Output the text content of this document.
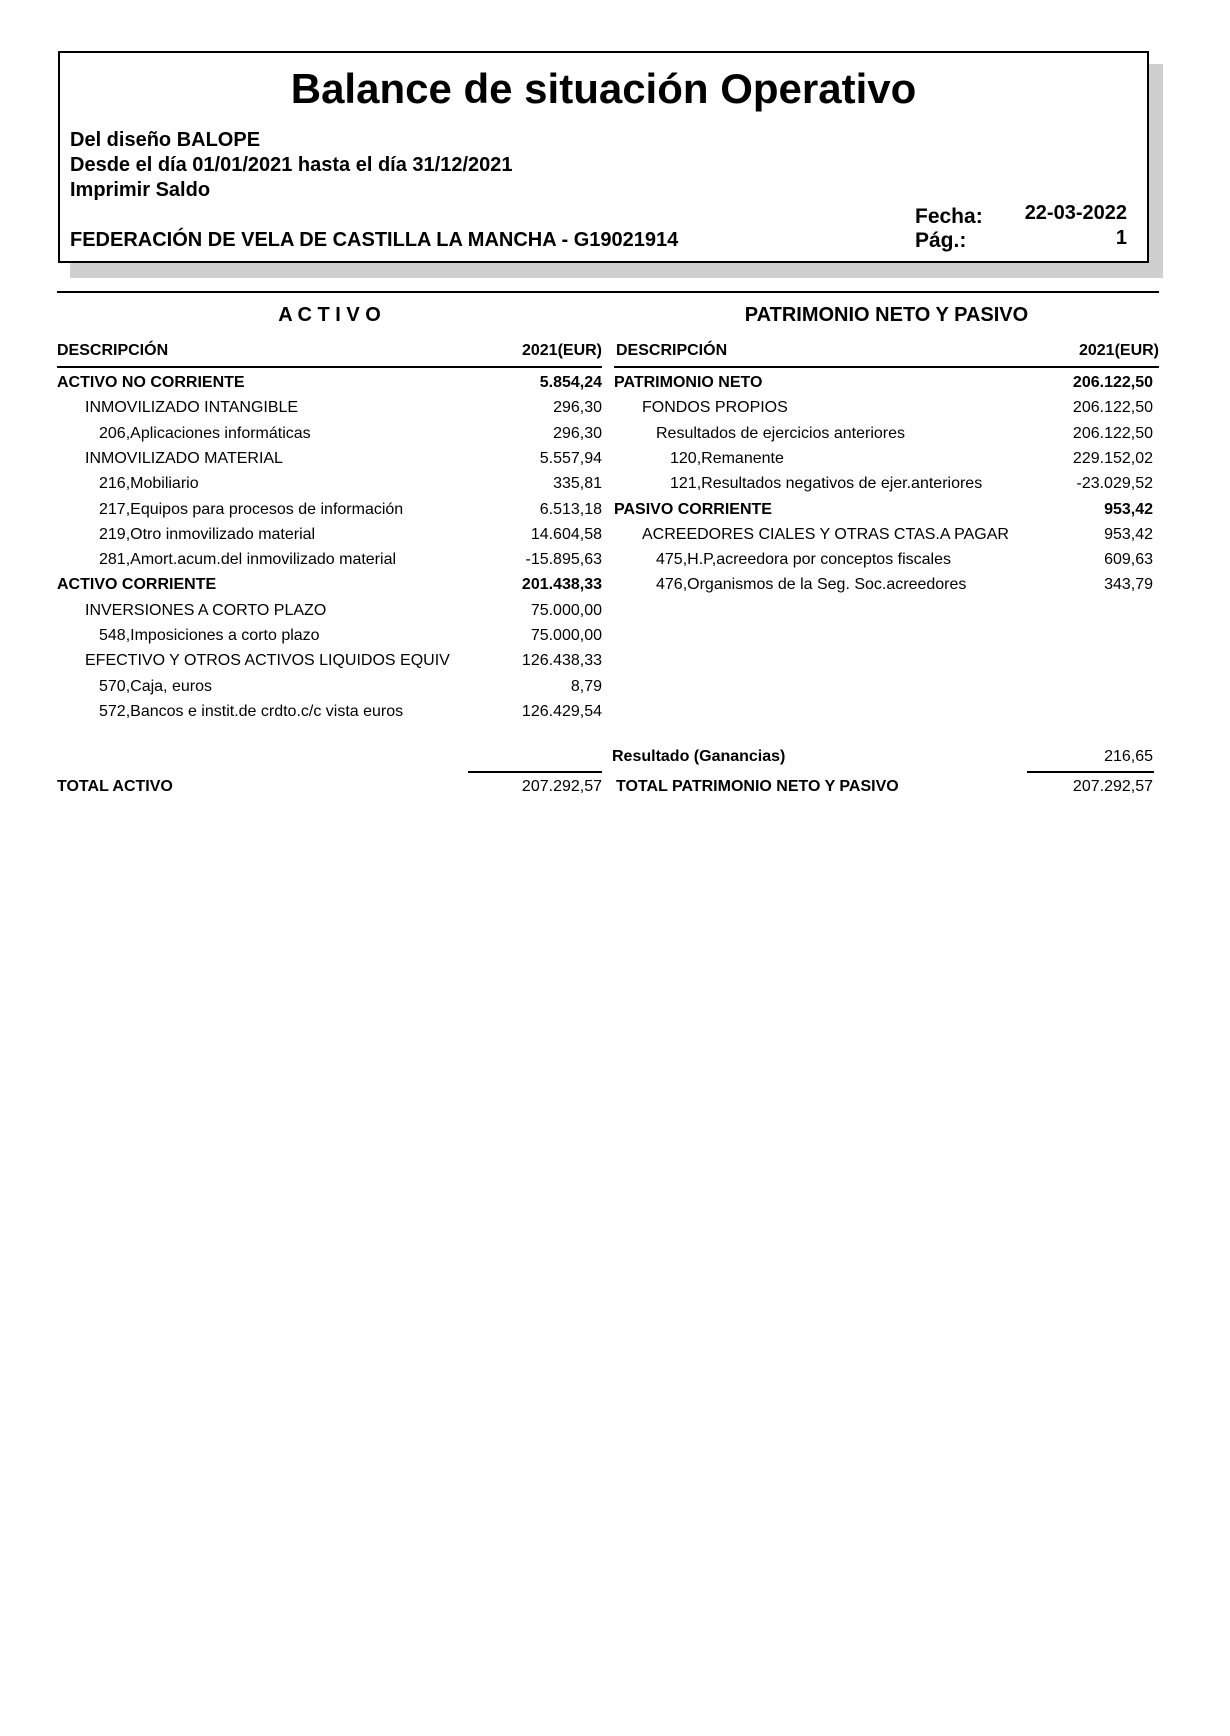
Balance de situación Operativo
Del diseño BALOPE
Desde el día 01/01/2021 hasta el día 31/12/2021
Imprimir Saldo
FEDERACIÓN DE VELA DE CASTILLA LA MANCHA - G19021914
Fecha: 22-03-2022
Pág.:	1
A C T I V O
DESCRIPCIÓN	2021(EUR)
PATRIMONIO NETO Y PASIVO
DESCRIPCIÓN	2021(EUR)
ACTIVO NO CORRIENTE	5.854,24
INMOVILIZADO INTANGIBLE	296,30
206,Aplicaciones informáticas	296,30
INMOVILIZADO MATERIAL	5.557,94
216,Mobiliario	335,81
217,Equipos para procesos de información	6.513,18
219,Otro inmovilizado material	14.604,58
281,Amort.acum.del inmovilizado material	-15.895,63
ACTIVO CORRIENTE	201.438,33
INVERSIONES A CORTO PLAZO	75.000,00
548,Imposiciones a corto plazo	75.000,00
EFECTIVO Y OTROS ACTIVOS LIQUIDOS EQUIV	126.438,33
570,Caja, euros	8,79
572,Bancos e instit.de crdto.c/c vista euros	126.429,54
PATRIMONIO NETO	206.122,50
FONDOS PROPIOS	206.122,50
Resultados de ejercicios anteriores	206.122,50
120,Remanente	229.152,02
121,Resultados negativos de ejer.anteriores	-23.029,52
PASIVO CORRIENTE	953,42
ACREEDORES CIALES Y OTRAS CTAS.A PAGAR	953,42
475,H.P,acreedora por conceptos fiscales	609,63
476,Organismos de la Seg. Soc.acreedores	343,79
Resultado (Ganancias)	216,65
TOTAL ACTIVO	207.292,57 TOTAL PATRIMONIO NETO Y PASIVO	207.292,57
